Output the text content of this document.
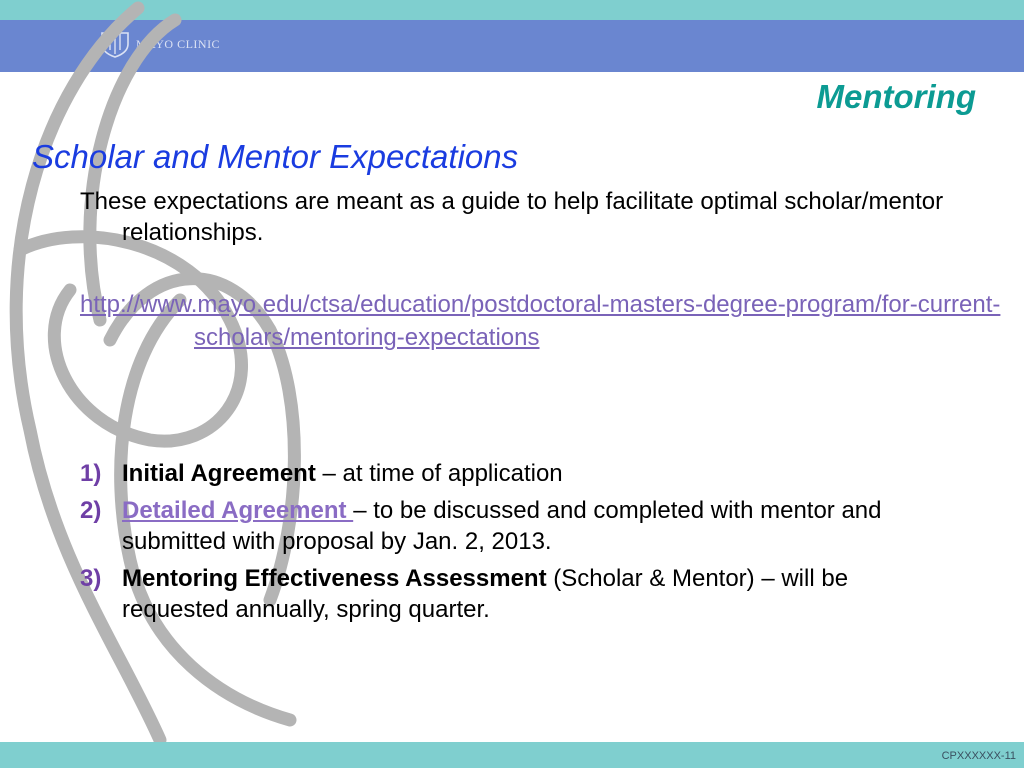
MAYO CLINIC
Mentoring
Scholar and Mentor Expectations
These expectations are meant as a guide to help facilitate optimal scholar/mentor relationships.
http://www.mayo.edu/ctsa/education/postdoctoral-masters-degree-program/for-current-scholars/mentoring-expectations
1) Initial Agreement – at time of application
2) Detailed Agreement – to be discussed and completed with mentor and submitted with proposal by Jan. 2, 2013.
3) Mentoring Effectiveness Assessment (Scholar & Mentor) – will be requested annually, spring quarter.
CPXXXXXX-11
